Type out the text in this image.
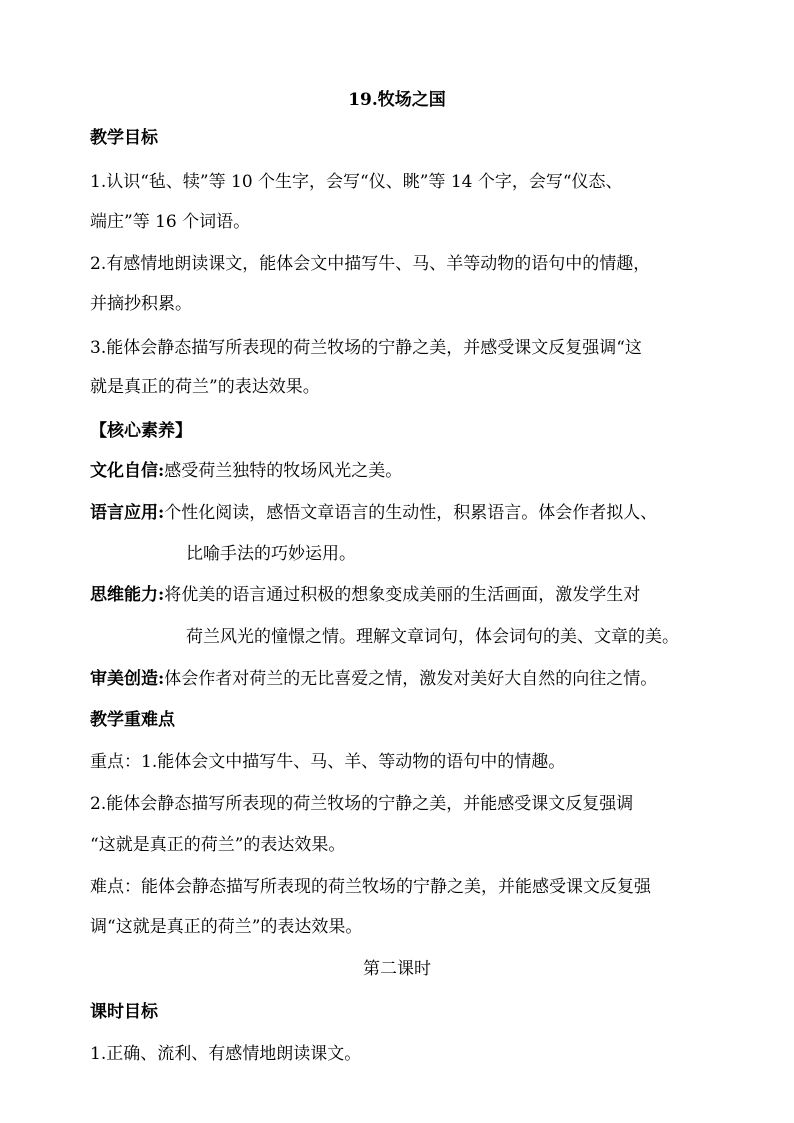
19.牧场之国
教学目标
1.认识“毡、犊”等 10 个生字，会写“仪、眺”等 14 个字，会写“仪态、
端庄”等 16 个词语。
2.有感情地朗读课文，能体会文中描写牛、马、羊等动物的语句中的情趣，
并摘抄积累。
3.能体会静态描写所表现的荷兰牧场的宁静之美，并感受课文反复强调“这
就是真正的荷兰”的表达效果。
【核心素养】
文化自信:感受荷兰独特的牧场风光之美。
语言应用:个性化阅读，感悟文章语言的生动性，积累语言。体会作者拟人、
比喻手法的巧妙运用。
思维能力:将优美的语言通过积极的想象变成美丽的生活画面，激发学生对
荷兰风光的憧憬之情。理解文章词句，体会词句的美、文章的美。
审美创造:体会作者对荷兰的无比喜爱之情，激发对美好大自然的向往之情。
教学重难点
重点：1.能体会文中描写牛、马、羊、等动物的语句中的情趣。
2.能体会静态描写所表现的荷兰牧场的宁静之美，并能感受课文反复强调
“这就是真正的荷兰”的表达效果。
难点：能体会静态描写所表现的荷兰牧场的宁静之美，并能感受课文反复强
调“这就是真正的荷兰”的表达效果。
第二课时
课时目标
1.正确、流利、有感情地朗读课文。
